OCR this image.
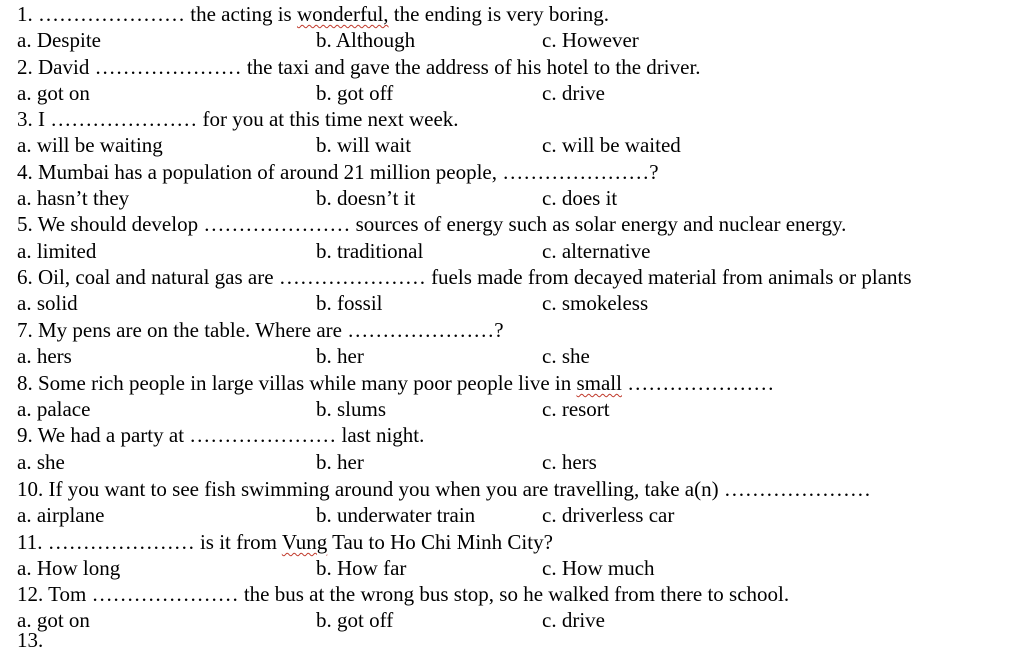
1. ………………… the acting is wonderful, the ending is very boring.
a. Despite	b. Although	c. However
2. David ………………… the taxi and gave the address of his hotel to the driver.
a. got on	b. got off	c. drive
3. I ………………… for you at this time next week.
a. will be waiting	b. will wait	c. will be waited
4. Mumbai has a population of around 21 million people, …………………?
a. hasn’t they	b. doesn’t it	c. does it
5. We should develop ………………… sources of energy such as solar energy and nuclear energy.
a. limited	b. traditional	c. alternative
6. Oil, coal and natural gas are ………………… fuels made from decayed material from animals or plants
a. solid	b. fossil	c. smokeless
7. My pens are on the table. Where are …………………?
a. hers	b. her	c. she
8. Some rich people in large villas while many poor people live in small …………………
a. palace	b. slums	c. resort
9. We had a party at ………………… last night.
a. she	b. her	c. hers
10. If you want to see fish swimming around you when you are travelling, take a(n) …………………
a. airplane	b. underwater train	c. driverless car
11. ………………… is it from Vung Tau to Ho Chi Minh City?
a. How long	b. How far	c. How much
12. Tom ………………… the bus at the wrong bus stop, so he walked from there to school.
a. got on	b. got off	c. drive
13.
